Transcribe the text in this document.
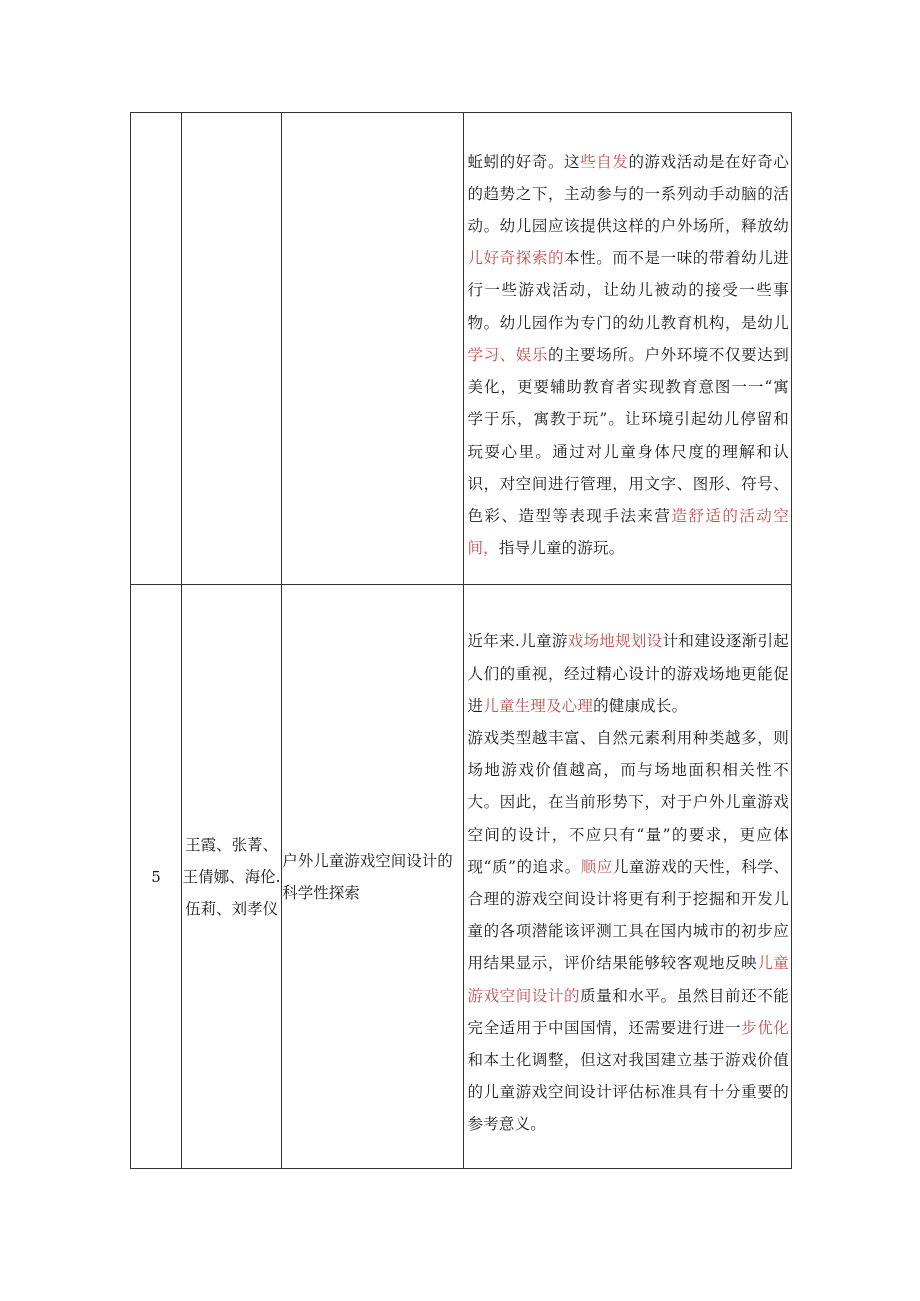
			蚯蚓的好奇。这些自发的游戏活动是在好奇心的趋势之下，主动参与的一系列动手动脑的活动。幼儿园应该提供这样的户外场所，释放幼儿好奇探索的本性。而不是一味的带着幼儿进行一些游戏活动，让幼儿被动的接受一些事物。幼儿园作为专门的幼儿教育机构，是幼儿学习、娱乐的主要场所。户外环境不仅要达到美化，更要辅助教育者实现教育意图一一“寓学于乐，寓教于玩”。让环境引起幼儿停留和玩耍心里。通过对儿童身体尺度的理解和认识，对空间进行管理，用文字、图形、符号、色彩、造型等表现手法来营造舒适的活动空间，指导儿童的游玩。

5	王霞、张菁、王倩娜、海伦.伍莉、刘孝仪	户外儿童游戏空间设计的科学性探索	近年来.儿童游戏场地规划设计和建设逐渐引起人们的重视，经过精心设计的游戏场地更能促进儿童生理及心理的健康成长。

游戏类型越丰富、自然元素利用种类越多，则场地游戏价值越高，而与场地面积相关性不大。因此，在当前形势下，对于户外儿童游戏空间的设计，不应只有“量”的要求，更应体现“质”的追求。顺应儿童游戏的天性，科学、合理的游戏空间设计将更有利于挖掘和开发儿童的各项潜能该评测工具在国内城市的初步应用结果显示，评价结果能够较客观地反映儿童游戏空间设计的质量和水平。虽然目前还不能完全适用于中国国情，还需要进行进一步优化和本土化调整，但这对我国建立基于游戏价值的儿童游戏空间设计评估标准具有十分重要的参考意义。
